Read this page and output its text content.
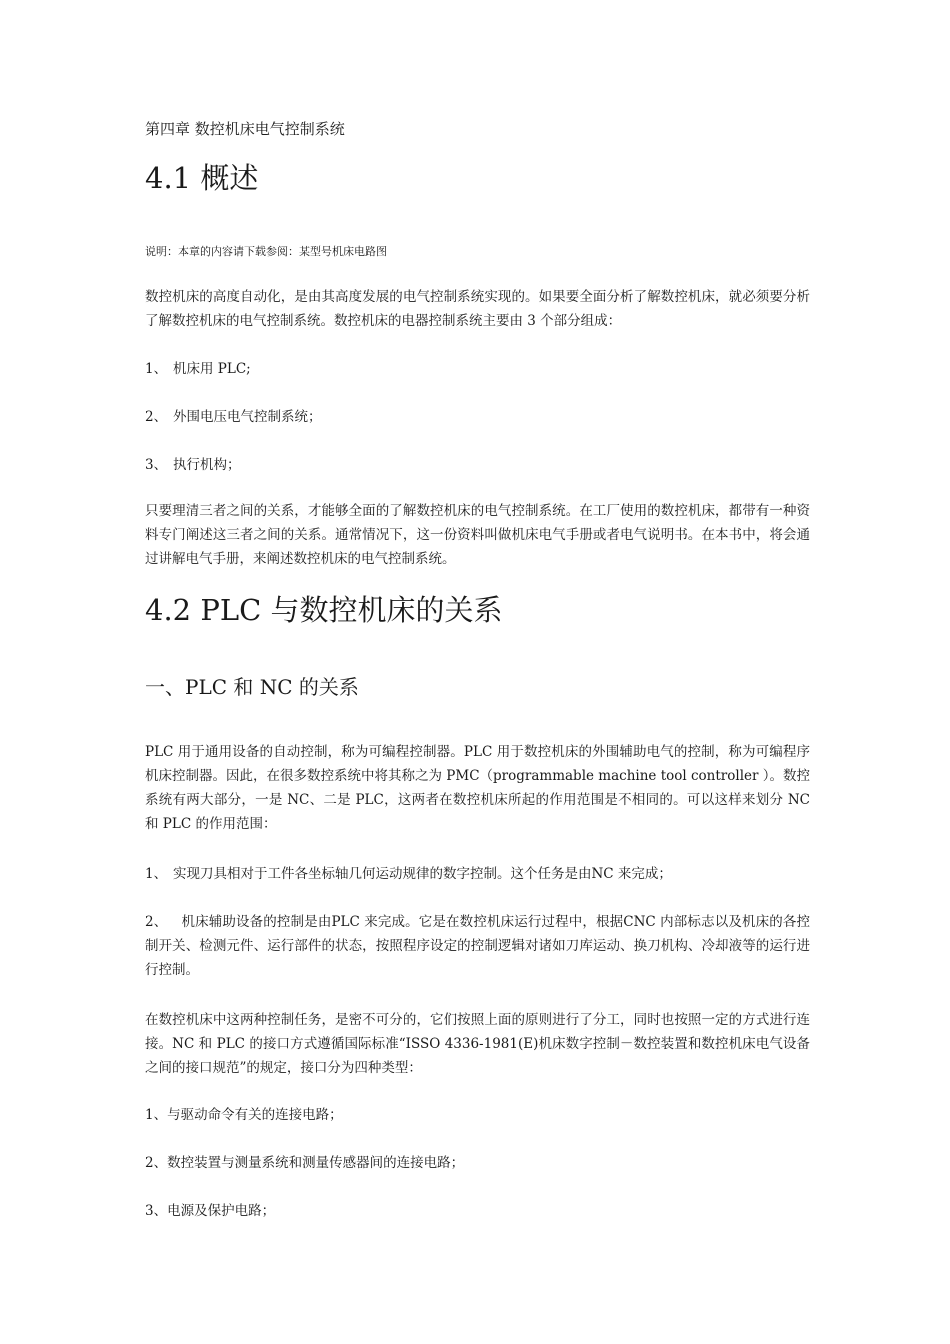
第四章 数控机床电气控制系统
4.1 概述
说明：本章的内容请下载参阅：某型号机床电路图

数控机床的高度自动化，是由其高度发展的电气控制系统实现的。如果要全面分析了解数控机床，就必须要分析了解数控机床的电气控制系统。数控机床的电器控制系统主要由 3 个部分组成：

1、 机床用 PLC;
2、 外围电压电气控制系统；
3、 执行机构；

只要理清三者之间的关系，才能够全面的了解数控机床的电气控制系统。在工厂使用的数控机床，都带有一种资料专门阐述这三者之间的关系。通常情况下，这一份资料叫做机床电气手册或者电气说明书。在本书中，将会通过讲解电气手册，来阐述数控机床的电气控制系统。

4.2 PLC 与数控机床的关系
一、PLC 和 NC 的关系

PLC 用于通用设备的自动控制，称为可编程控制器。PLC 用于数控机床的外围辅助电气的控制，称为可编程序机床控制器。因此，在很多数控系统中将其称之为 PMC（programmable machine tool controller ）。数控系统有两大部分，一是 NC、二是 PLC，这两者在数控机床所起的作用范围是不相同的。可以这样来划分 NC 和 PLC 的作用范围：

1、 实现刀具相对于工件各坐标轴几何运动规律的数字控制。这个任务是由NC 来完成；

2、 机床辅助设备的控制是由PLC 来完成。它是在数控机床运行过程中，根据CNC 内部标志以及机床的各控制开关、检测元件、运行部件的状态，按照程序设定的控制逻辑对诸如刀库运动、换刀机构、冷却液等的运行进行控制。

在数控机床中这两种控制任务，是密不可分的，它们按照上面的原则进行了分工，同时也按照一定的方式进行连接。NC 和 PLC 的接口方式遵循国际标准“ISSO 4336-1981(E)机床数字控制－数控装置和数控机床电气设备之间的接口规范”的规定，接口分为四种类型：

1、与驱动命令有关的连接电路；
2、数控装置与测量系统和测量传感器间的连接电路；
3、电源及保护电路；
